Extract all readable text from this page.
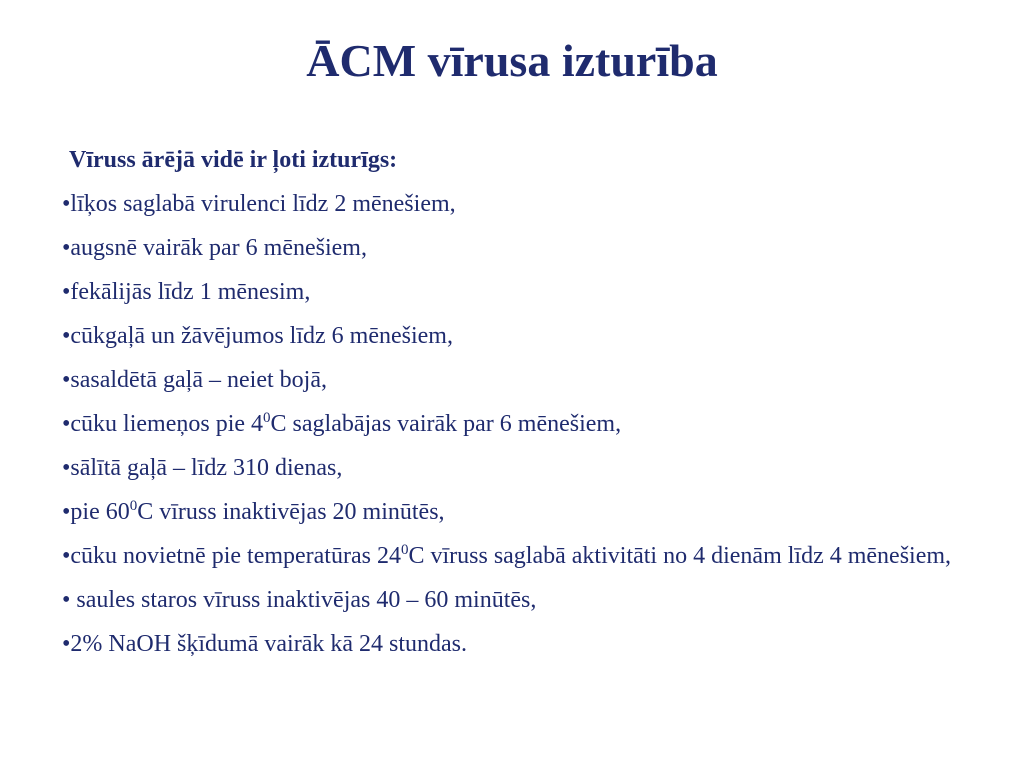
ĀCM vīrusa izturība
Vīruss ārējā vidē ir ļoti izturīgs:
•līķos saglabā virulenci līdz 2 mēnešiem,
•augsnē vairāk par 6 mēnešiem,
•fekālijās līdz 1 mēnesim,
•cūkgaļā un žāvējumos līdz 6 mēnešiem,
•sasaldētā gaļā – neiet bojā,
•cūku liemeņos pie $4^0C$ saglabājas vairāk par 6 mēnešiem,
•sālītā gaļā – līdz 310 dienas,
•pie $60^0C$ vīruss inaktivējas 20 minūtēs,
•cūku novietnē pie temperatūras $24^0C$ vīruss saglabā aktivitāti no 4 dienām līdz 4 mēnešiem,
• saules staros vīruss inaktivējas 40 – 60 minūtēs,
•2% NaOH šķīdumā vairāk kā 24 stundas.
